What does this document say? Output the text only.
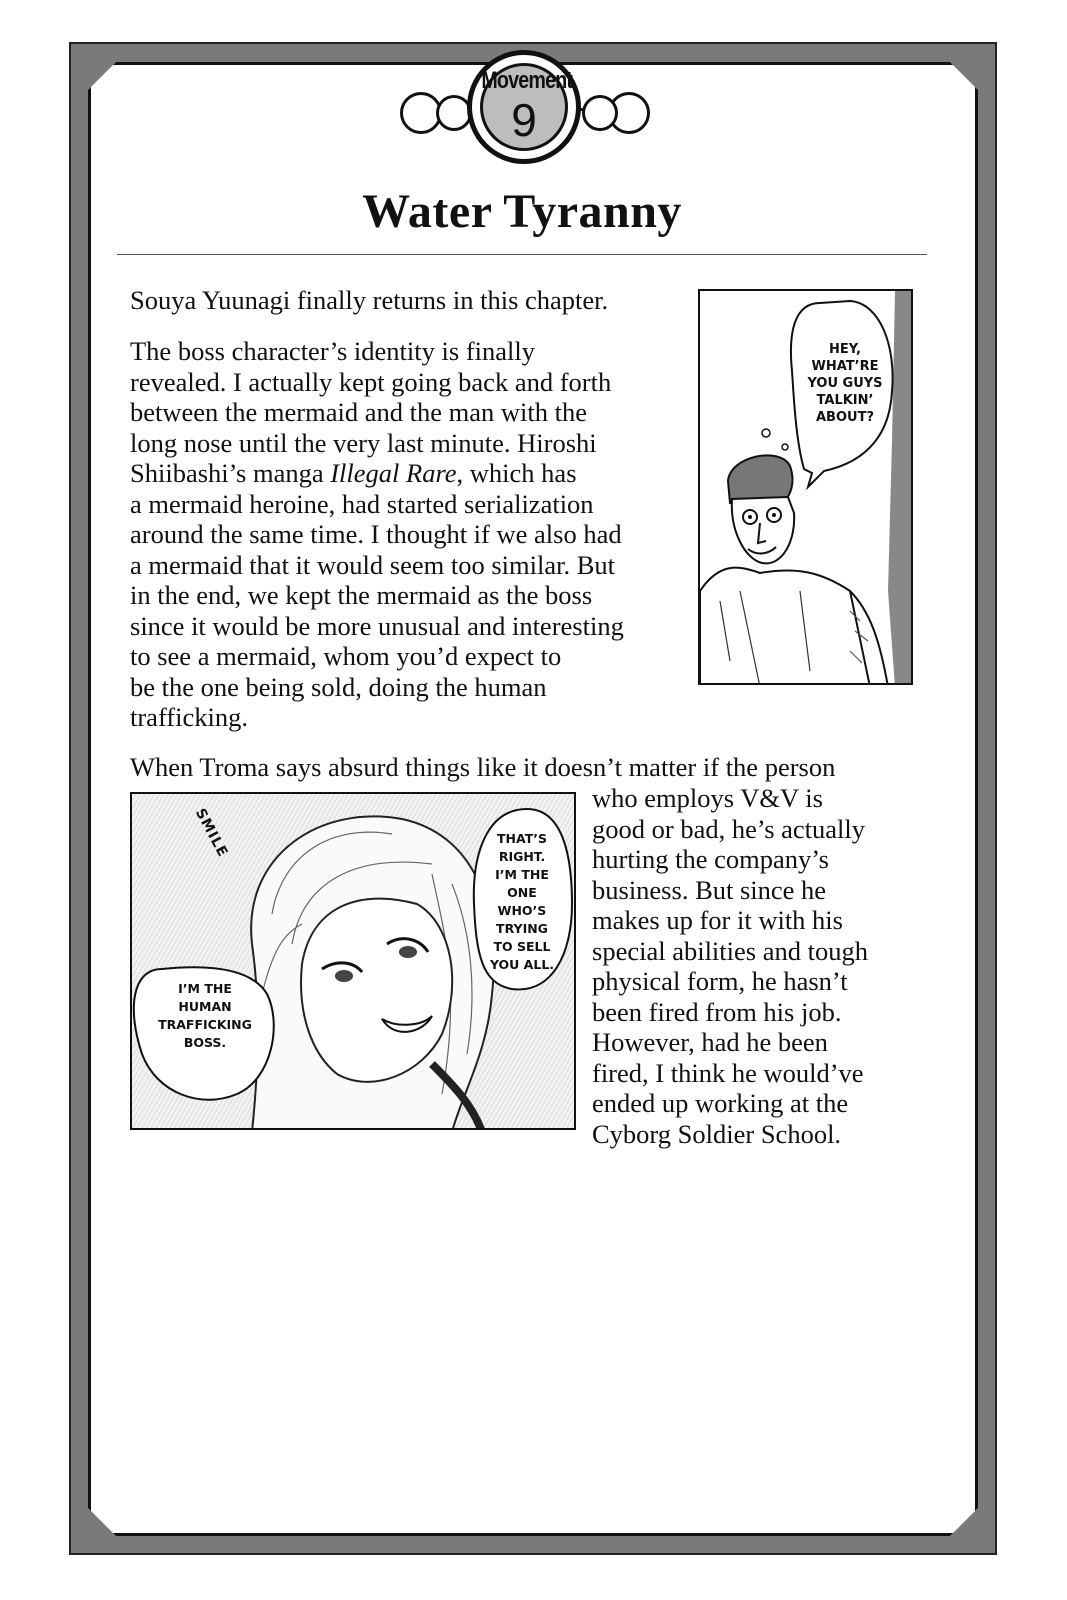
Movement
9
Water Tyranny

Souya Yuunagi finally returns in this chapter.

The boss character’s identity is finally
revealed. I actually kept going back and forth
between the mermaid and the man with the
long nose until the very last minute. Hiroshi
Shiibashi’s manga Illegal Rare, which has
a mermaid heroine, had started serialization
around the same time. I thought if we also had
a mermaid that it would seem too similar. But
in the end, we kept the mermaid as the boss
since it would be more unusual and interesting
to see a mermaid, whom you’d expect to
be the one being sold, doing the human
trafficking.
HEY,
WHAT’RE
YOU GUYS
TALKIN’
ABOUT?

When Troma says absurd things like it doesn’t matter if the person

who employs V&V is
good or bad, he’s actually
hurting the company’s
business. But since he
makes up for it with his
special abilities and tough
physical form, he hasn’t
been fired from his job.
However, had he been
fired, I think he would’ve
ended up working at the
Cyborg Soldier School.
SMILE	THAT’S
RIGHT.
I’M THE
ONE
WHO’S
TRYING
TO SELL
YOU ALL.
I’M THE
HUMAN
TRAFFICKING
BOSS.
